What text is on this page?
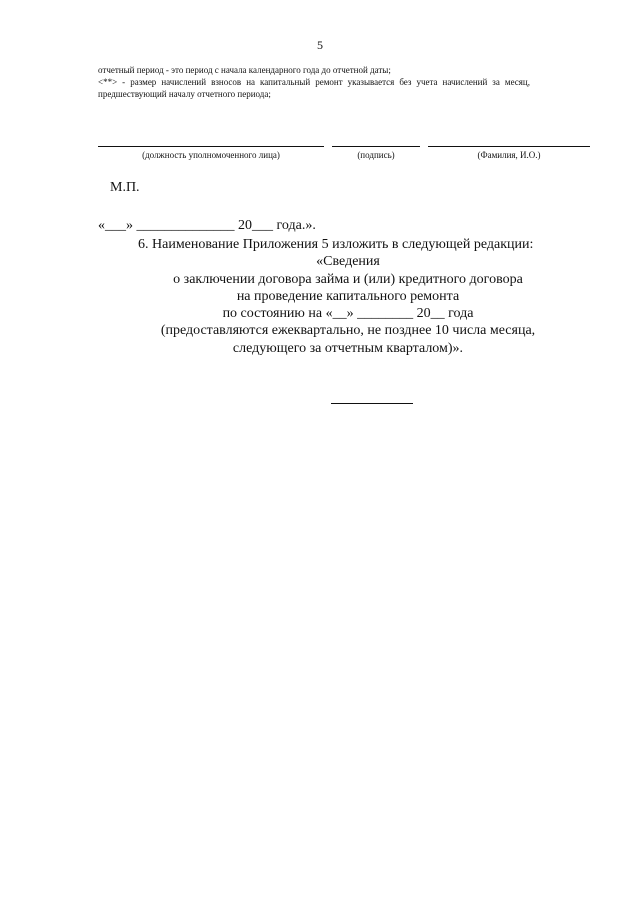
5

отчетный период - это период с начала календарного года до отчетной даты;

<**> - размер начислений взносов на капитальный ремонт указывается без учета начислений за месяц, предшествующий началу отчетного периода;

(должность уполномоченного лица)	(подпись)	(Фамилия, И.О.)
М.П.
«___» ______________ 20___ года.».
6. Наименование Приложения 5 изложить в следующей редакции:
«Сведения
о заключении договора займа и (или) кредитного договора
на проведение капитального ремонта
по состоянию на «__» ________ 20__ года
(предоставляются ежеквартально, не позднее 10 числа месяца,
следующего за отчетным кварталом)».
